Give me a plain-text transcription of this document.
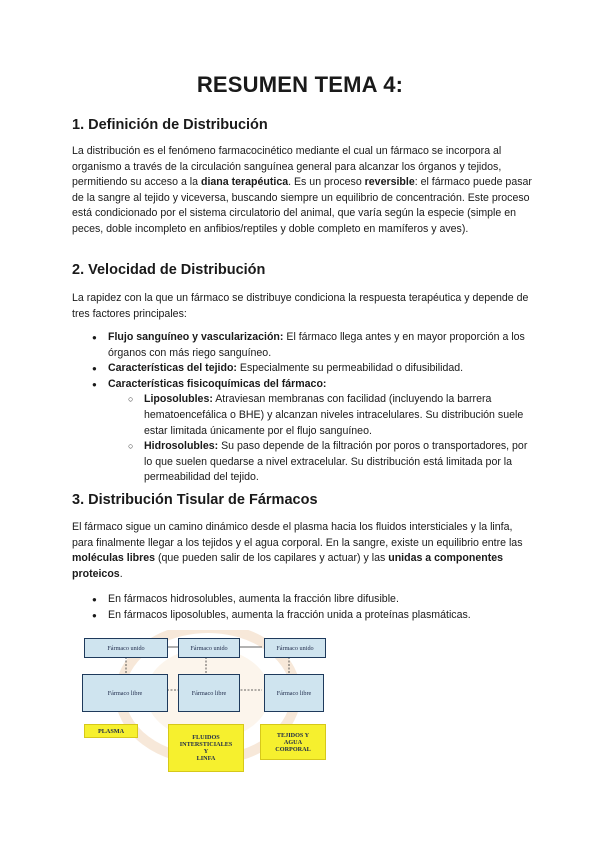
RESUMEN TEMA 4:
1. Definición de Distribución

La distribución es el fenómeno farmacocinético mediante el cual un fármaco se incorpora al organismo a través de la circulación sanguínea general para alcanzar los órganos y tejidos, permitiendo su acceso a la diana terapéutica. Es un proceso reversible: el fármaco puede pasar de la sangre al tejido y viceversa, buscando siempre un equilibrio de concentración. Este proceso está condicionado por el sistema circulatorio del animal, que varía según la especie (simple en peces, doble incompleto en anfibios/reptiles y doble completo en mamíferos y aves).

2. Velocidad de Distribución

La rapidez con la que un fármaco se distribuye condiciona la respuesta terapéutica y depende de tres factores principales:

● Flujo sanguíneo y vascularización: El fármaco llega antes y en mayor proporción a los órganos con más riego sanguíneo.
● Características del tejido: Especialmente su permeabilidad o difusibilidad.
● Características fisicoquímicas del fármaco:
○ Liposolubles: Atraviesan membranas con facilidad (incluyendo la barrera hematoencefálica o BHE) y alcanzan niveles intracelulares. Su distribución suele estar limitada únicamente por el flujo sanguíneo.
○ Hidrosolubles: Su paso depende de la filtración por poros o transportadores, por lo que suelen quedarse a nivel extracelular. Su distribución está limitada por la permeabilidad del tejido.
3. Distribución Tisular de Fármacos

El fármaco sigue un camino dinámico desde el plasma hacia los fluidos intersticiales y la linfa, para finalmente llegar a los tejidos y el agua corporal. En la sangre, existe un equilibrio entre las moléculas libres (que pueden salir de los capilares y actuar) y las unidas a componentes proteicos.

● En fármacos hidrosolubles, aumenta la fracción libre difusible.
● En fármacos liposolubles, aumenta la fracción unida a proteínas plasmáticas.
Fármaco unido	Fármaco unido	Fármaco unido
Fármaco libre	Fármaco libre	Fármaco libre
PLASMA
FLUIDOS
INTERSTICIALES
Y
LINFA
TEJIDOS Y
AGUA
CORPORAL
